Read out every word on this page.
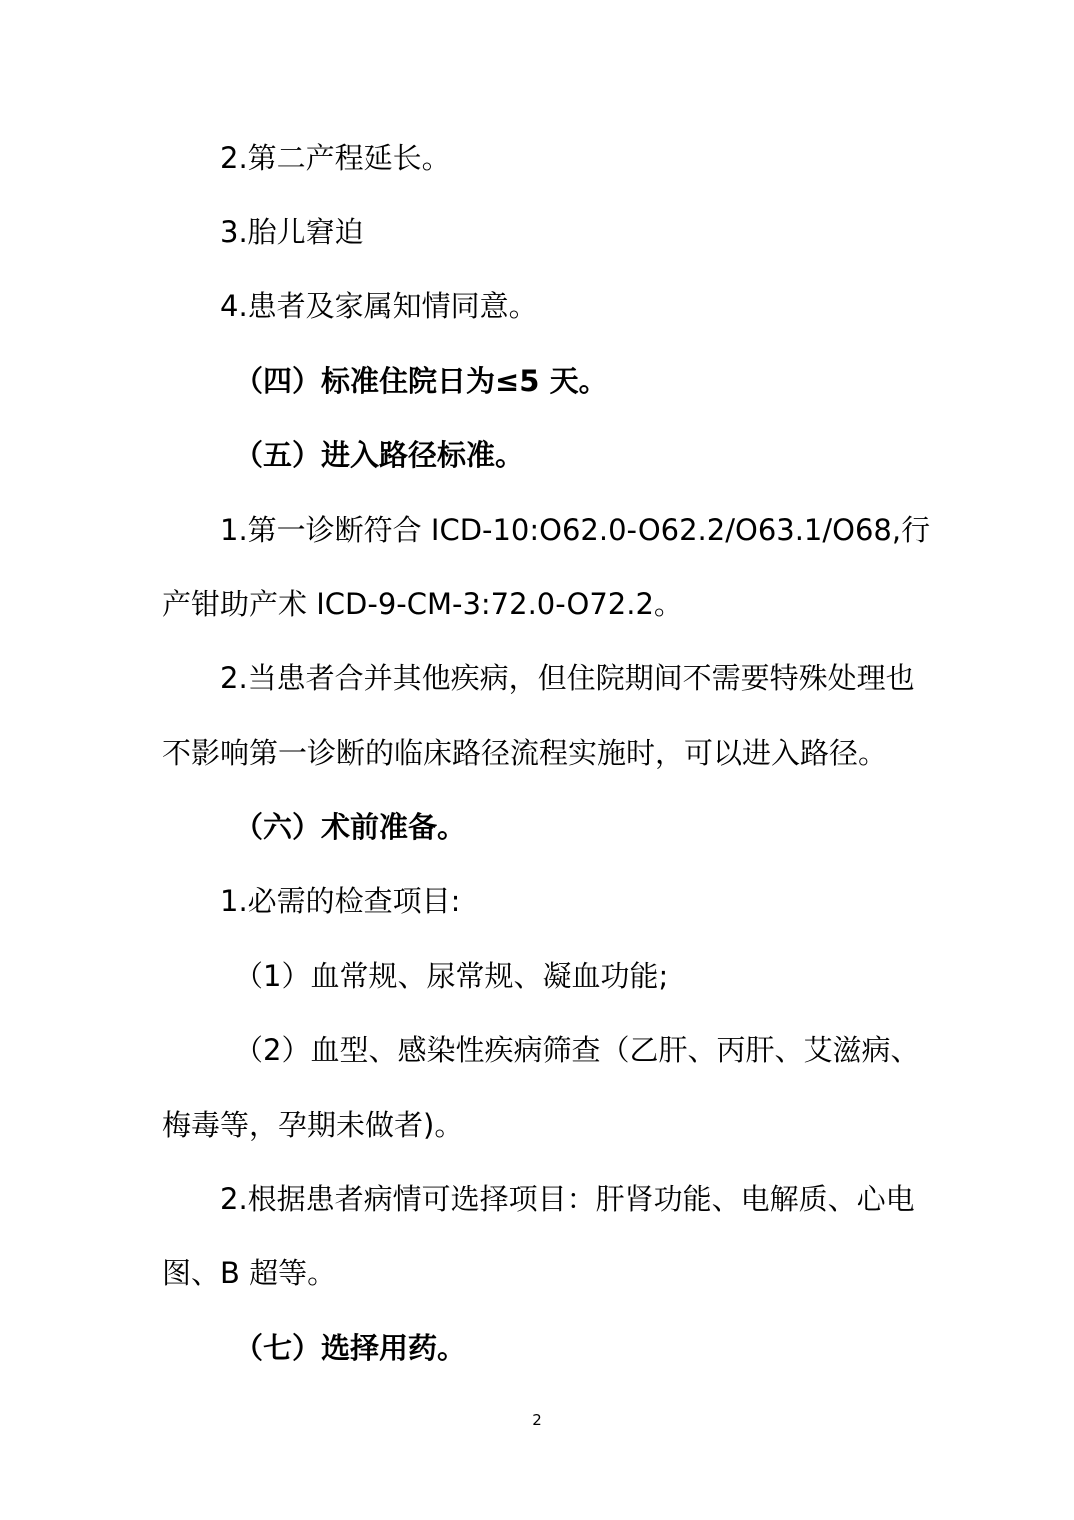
2.第二产程延长。
3.胎儿窘迫
4.患者及家属知情同意。
（四）标准住院日为≤5 天。
（五）进入路径标准。
1.第一诊断符合 ICD-10:O62.0-O62.2/O63.1/O68,行
产钳助产术 ICD-9-CM-3:72.0-O72.2。
2.当患者合并其他疾病，但住院期间不需要特殊处理也
不影响第一诊断的临床路径流程实施时，可以进入路径。
（六）术前准备。
1.必需的检查项目:
（1）血常规、尿常规、凝血功能;
（2）血型、感染性疾病筛查（乙肝、丙肝、艾滋病、
梅毒等，孕期未做者)。
2.根据患者病情可选择项目：肝肾功能、电解质、心电
图、B 超等。
（七）选择用药。
2
